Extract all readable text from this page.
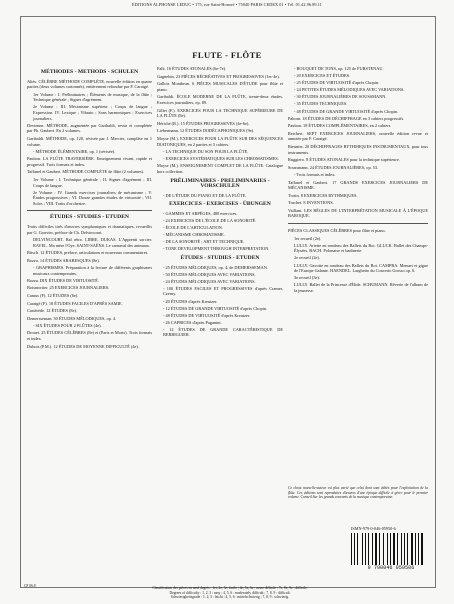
EDITIONS ALPHONSE LEDUC • 175, rue Saint-Honoré • 75040 PARIS CEDEX 01 • Tél. 01.42.96.89.11
FLUTE - FLÔTE
MÉTHODES - METHODS - SCHULEN
Altès. CÉLÈBRE MÉTHODE COMPLÈTE, nouvelle édition en quatre parties (deux volumes cartonnés), entièrement refondue par F. Caratgé.
1er Volume : I. Préliminaires ; Éléments de musique, de la flûte ; Technique générale ; Signes d'agrément.
2e Volume : III. Mécanisme supérieur ; Coups de langue ; Expression. IV. Lexique ; Vibrato ; Sons harmoniques ; Exercices journaliers.
Devienne. MÉTHODE, augmentée par Garibaldi, revue et complétée par Ph. Gaubert. En 2 volumes.
Garibaldi. MÉTHODE, op. 128, révisée par J. Mercier, complète en 1 volume.
- MÉTHODE ÉLÉMENTAIRE, op. 1 (révisée).
Paubon. LA FLÛTE TRAVERSIÈRE. Enseignement vivant, rapide et progressif. Trois formats et index.
Taffanel et Gaubert. MÉTHODE COMPLÈTE de flûte (2 volumes).
1er Volume : I. Technique générale ; II. Signes d'agrément ; III. Coups de langue.
2e Volume : IV. Grands exercices journaliers de mécanisme ; V. Études progressives ; VI. Douze grandes études de virtuosité ; VII. Solos ; VIII. Traits d'orchestre.
ÉTUDES - STUDIES - ETUDEN
Traits difficiles tirés d'œuvres symphoniques et dramatiques, recueillis par G. Gouvier, préface de Ch. Delvincourt.
DELVINCOURT. Bal rétro. LIBRE. DUKAS. L'Apprenti sorcier. RAVEL. Ma mère l'Oye. SAINT-SAËNS. Le carnaval des animaux.
Bitsch. 12 ÉTUDES, préface, articulations et nouveaux commentaires.
Bozza. 14 ÉTUDES ARABESQUES (8e).
- GRAPHISMES. Préparation à la lecture de différents graphismes musicaux contemporains.
Bozza. DIX ÉTUDES DE VIRTUOSITÉ.
Boismortier. 25 EXERCICES JOURNALIERS.
Camus (F). 12 ÉTUDES (6e).
Caratgé (F). 18 ÉTUDES FACILES D'APRÈS SAMIE.
Castérède. 12 ÉTUDES (8e).
Demersseman. 50 ÉTUDES MÉLODIQUES, op. 4.
- SIX ÉTUDES POUR 2 FLÛTES (4e).
Drouet. 25 ÉTUDES CÉLÈBRES (8e) et (Paris et Morts). Trois formats et index.
Dubois (P.M.). 12 ÉTUDES DE MOYENNE DIFFICULTÉ (4e).
Falk. 16 ÉTUDES ATONALES (6e-7e).
Gagnebin. 23 PIÈCES RÉCRÉATIVES ET PROGRESSIVES (1er-4e).
Gallois Montbrun. 6 PIÈCES MUSICALES D'ÉTUDE pour flûte et piano.
Garibaldi. ÉCOLE MODERNE DE LA FLÛTE, trente-deux études. Exercices journaliers, op. 89.
Gillet (F.). EXERCICES POUR LA TECHNIQUE SUPÉRIEURE DE LA FLÛTE (8e).
Hériché (R.). 15 ÉTUDES PROGRESSIVES (4e-6e).
Liebermann. 12 ÉTUDES DODÉCAPHONIQUES (9e).
Moyse (M.). EXERCICES POUR LA FLÛTE SUR DES SÉQUENCES DIATONIQUES, en 2 parties et 3 cahiers.
- LA TECHNIQUE DU SON POUR LA FLÛTE.
- EXERCICES SYSTÉMATIQUES SUR LES CHROMATISMES.
Moyse (M.). ENSEIGNEMENT COMPLET DE LA FLÛTE. Catalogue hors collection.
PRÉLIMINAIRES - PRELIMINARIES - VORSCHULEN
- DE L'ÉTUDE DU PIANO ET DE LA FLÛTE.
EXERCICES - EXERCISES - ÜBUNGEN
- GAMMES ET ARPÈGES, 480 exercices.
- 24 EXERCICES DE L'ÉCOLE DE LA SONORITÉ.
- ÉCOLE DE L'ARTICULATION.
- MÉCANISME CHROMATISME.
- DE LA SONORITÉ ; ART ET TECHNIQUE.
- TONE DEVELOPMENT THROUGH INTERPRETATION.
ÉTUDES - STUDIES - ETUDEN
- 25 ÉTUDES MÉLODIQUES, op. 4, de DEMERSSEMAN.
- 50 ÉTUDES MÉLODIQUES AVEC VARIATIONS.
- 24 ÉTUDES MÉLODIQUES AVEC VARIATIONS.
- 100 ÉTUDES FACILES ET PROGRESSIVES d'après Cramer, Czerny.
- 20 ÉTUDES d'après Kreutzer.
- 12 ÉTUDES DE GRANDE VIRTUOSITÉ d'après Chopin.
- 48 ÉTUDES DE VIRTUOSITÉ d'après Kreutzer.
- 26 CAPRICES d'après Paganini.
- 12 ÉTUDES DE GRANDE CARACTÉRISTIQUE DE BERBIGUIER.
- BOUQUET DE TONS, op. 125 de FURSTENAU.
- 20 EXERCICES ET ÉTUDES.
- 25 ÉTUDES DE VIRTUOSITÉ d'après Chopin.
- 24 PETITES ÉTUDES MÉLODIQUES AVEC VARIATIONS.
- 30 ÉTUDES JOURNALIÈRES DE SOUSSMANN.
- 35 ÉTUDES TECHNIQUES.
- 48 ÉTUDES DE GRANDE VIRTUOSITÉ d'après Chopin.
Paborn. 18 ÉTUDES DE DÉCHIFFRAGE en 3 cahiers progressifs.
Paubon. 18 ÉTUDES COMPLÉMENTAIRES, en 2 cahiers.
Reichert. SEPT EXERCICES JOURNALIERS, nouvelle édition revue et annotée par F. Caratgé.
Rieunier. 20 DÉCHIFFRAGES RYTHMIQUES INSTRUMENTAUX, pour tous instruments.
Ruggiero. 8 ÉTUDES ATONALES pour la technique supérieure.
Soussmann. 24 ÉTUDES JOURNALIÈRES, op. 53.
- Trois formats et index.
Taffanel et Gaubert. 17 GRANDS EXERCICES JOURNALIERS DE MÉCANISME.
Trotin. 8 EXERCICES RYTHMIQUES.
Truchet. 8 INVENTIONS.
Vaillant. LES RÈGLES DE L'INTERPRÉTATION MUSICALE À L'ÉPOQUE BAROQUE.
PIÈCES CLASSIQUES CÉLÈBRES pour flûte et piano.
1er recueil (2e).
LULLY. Ariette en rondeau des Ballets du Roi. GLUCK. Ballet des Champs-Élysées. BACH. Polonaise et badinerie.
2e recueil (2e).
LULLY. Gavotte en rondeau des Ballets du Roi. CAMPRA. Menuet et gigue de l'Europe Galante. HAENDEL. Larghetto du Concerto Grosso op. 6.
3e recueil (3e).
LULLY. Ballet de la Princesse d'Élide. SCHUMANN. Rêverie de l'album de la jeunesse.
Ce choix nouvelle-auteur est plus varié que celui dont sont édités pour l'exploitation de la flûte. Ces éditions sont reproduites d'œuvres d'une époque difficile à gérer pour le premier volume. Conseil Sur les grands courants de la musique contemporaine.
ISMN-979-0-046-05950-6
9 790046 059506
CF 06.8	Classification des pièces en neuf degrés : 1er, 2e, 3e, facile ; 4e, 5e, 6e : assez difficile ; 7e, 8e, 9e : difficile.
Degrees of difficulty : 1, 2, 3 : easy ; 4, 5, 6 : moderately difficult ; 7, 8, 9 : difficult.
Schwierigkeitsgrade : 1, 2, 3 : leicht ; 4, 5, 6 : mittelschwierig ; 7, 8, 9 : schwierig.
